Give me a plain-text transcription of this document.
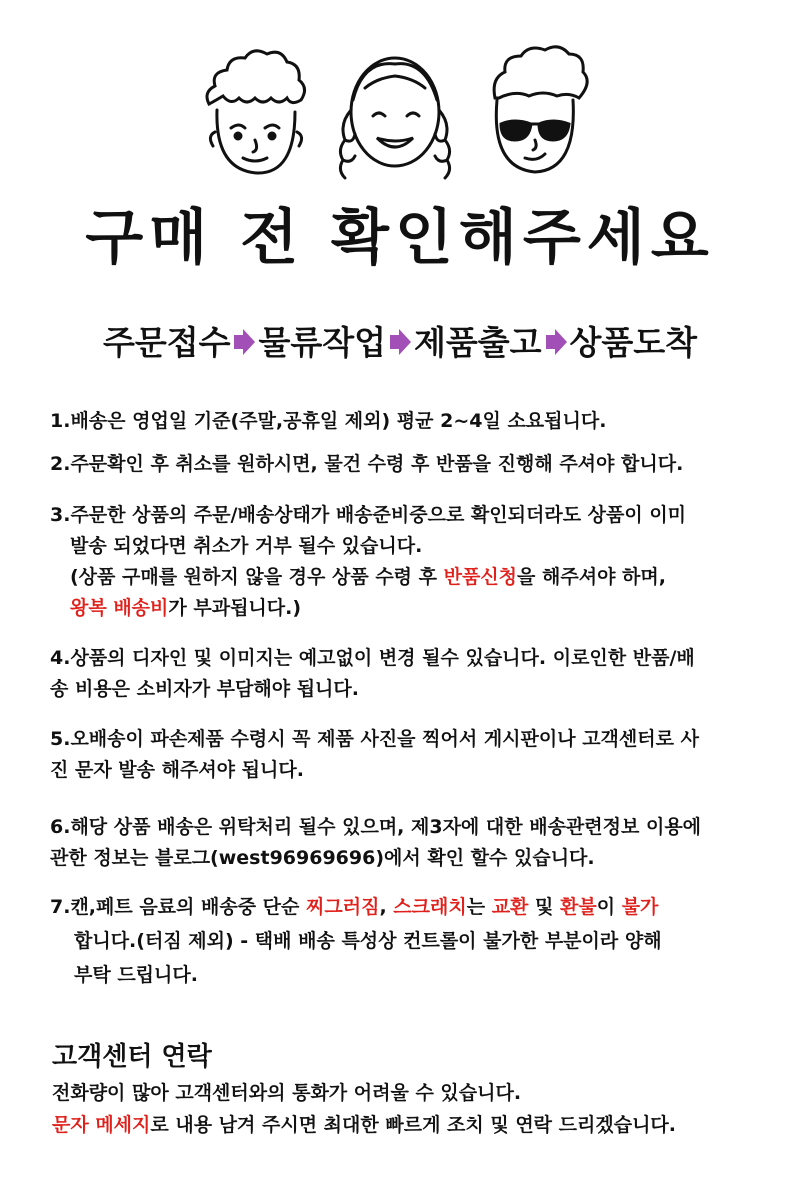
구매 전 확인해주세요
주문접수 물류작업 제품출고 상품도착
1.배송은 영업일 기준(주말,공휴일 제외) 평균 2~4일 소요됩니다.
2.주문확인 후 취소를 원하시면, 물건 수령 후 반품을 진행해 주셔야 합니다.
3.주문한 상품의 주문/배송상태가 배송준비중으로 확인되더라도 상품이 이미
발송 되었다면 취소가 거부 될수 있습니다.
(상품 구매를 원하지 않을 경우 상품 수령 후 반품신청을 해주셔야 하며,
왕복 배송비가 부과됩니다.)
4.상품의 디자인 및 이미지는 예고없이 변경 될수 있습니다. 이로인한 반품/배
송 비용은 소비자가 부담해야 됩니다.
5.오배송이 파손제품 수령시 꼭 제품 사진을 찍어서 게시판이나 고객센터로 사
진 문자 발송 해주셔야 됩니다.
6.해당 상품 배송은 위탁처리 될수 있으며, 제3자에 대한 배송관련정보 이용에
관한 정보는 블로그(west96969696)에서 확인 할수 있습니다.
7.캔,페트 음료의 배송중 단순 찌그러짐, 스크래치는 교환 및 환불이 불가
합니다.(터짐 제외) - 택배 배송 특성상 컨트롤이 불가한 부분이라 양해
부탁 드립니다.
고객센터 연락
전화량이 많아 고객센터와의 통화가 어려울 수 있습니다.
문자 메세지로 내용 남겨 주시면 최대한 빠르게 조치 및 연락 드리겠습니다.
